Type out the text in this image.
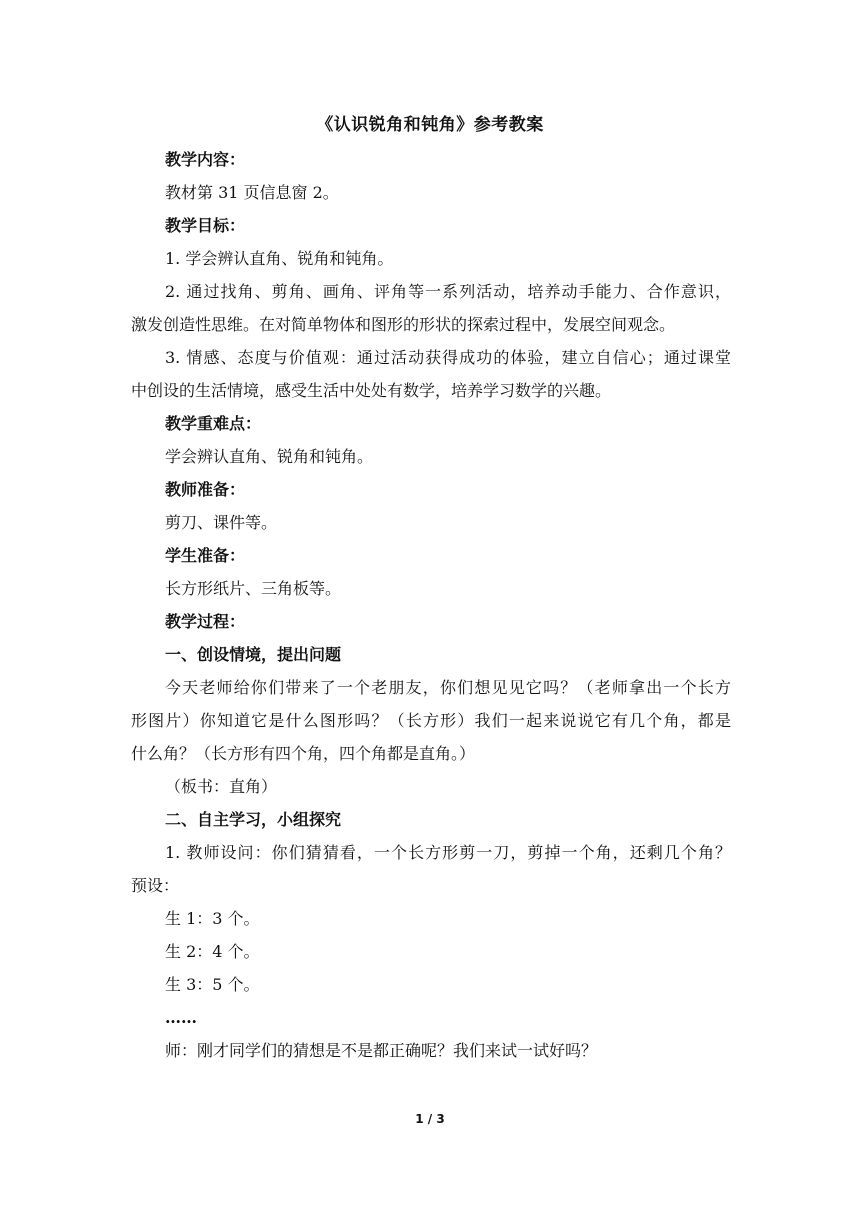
《认识锐角和钝角》参考教案
教学内容：
教材第 31 页信息窗 2。
教学目标：
1. 学会辨认直角、锐角和钝角。
2. 通过找角、剪角、画角、评角等一系列活动，培养动手能力、合作意识，
激发创造性思维。在对简单物体和图形的形状的探索过程中，发展空间观念。
3. 情感、态度与价值观：通过活动获得成功的体验，建立自信心；通过课堂
中创设的生活情境，感受生活中处处有数学，培养学习数学的兴趣。
教学重难点：
学会辨认直角、锐角和钝角。
教师准备：
剪刀、课件等。
学生准备：
长方形纸片、三角板等。
教学过程：
一、创设情境，提出问题
今天老师给你们带来了一个老朋友，你们想见见它吗？（老师拿出一个长方
形图片）你知道它是什么图形吗？（长方形）我们一起来说说它有几个角，都是
什么角？（长方形有四个角，四个角都是直角。）
（板书：直角）
二、自主学习，小组探究
1. 教师设问：你们猜猜看，一个长方形剪一刀，剪掉一个角，还剩几个角？
预设：
生 1：3 个。
生 2：4 个。
生 3：5 个。
……
师：刚才同学们的猜想是不是都正确呢？我们来试一试好吗？
1 / 3
